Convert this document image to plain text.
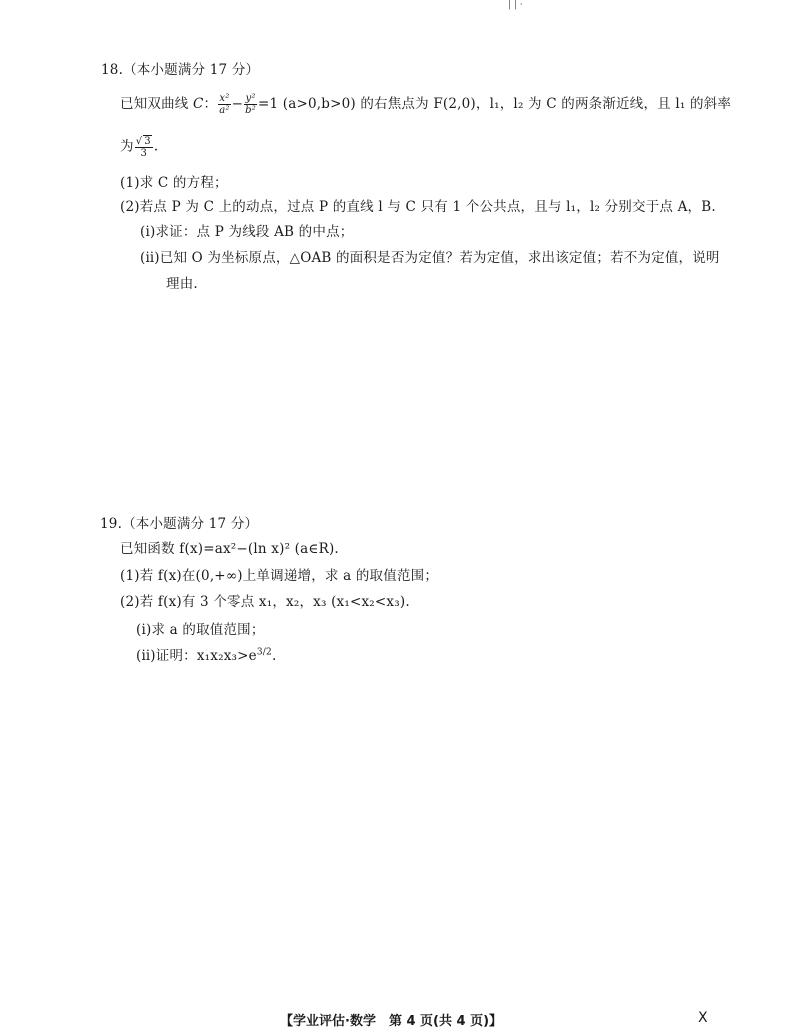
| | ·
18.（本小题满分 17 分）
已知双曲线 C： $\frac{\text{x²}}{\text{a²}} - \frac{\text{y²}}{\text{b²}} =1$ (a>0,b>0) 的右焦点为 F(2,0)，l₁，l₂ 为 C 的两条渐近线，且 l₁ 的斜率
为 $\frac{√ 3}{3}$ .
(1)求 C 的方程；
(2)若点 P 为 C 上的动点，过点 P 的直线 l 与 C 只有 1 个公共点，且与 l₁，l₂ 分别交于点 A，B.
(ⅰ)求证：点 P 为线段 AB 的中点；
(ⅱ)已知 O 为坐标原点，△OAB 的面积是否为定值？若为定值，求出该定值；若不为定值，说明
理由.
19.（本小题满分 17 分）
已知函数 f(x)=ax²−(ln x)² (a∈R).
(1)若 f(x)在(0,+∞)上单调递增，求 a 的取值范围；
(2)若 f(x)有 3 个零点 x₁，x₂，x₃ (x₁<x₂<x₃).
(ⅰ)求 a 的取值范围；
(ⅱ)证明：$x_1x_2x_3>e^{3/2}$.
【学业评估·数学　第 4 页(共 4 页)】	X
